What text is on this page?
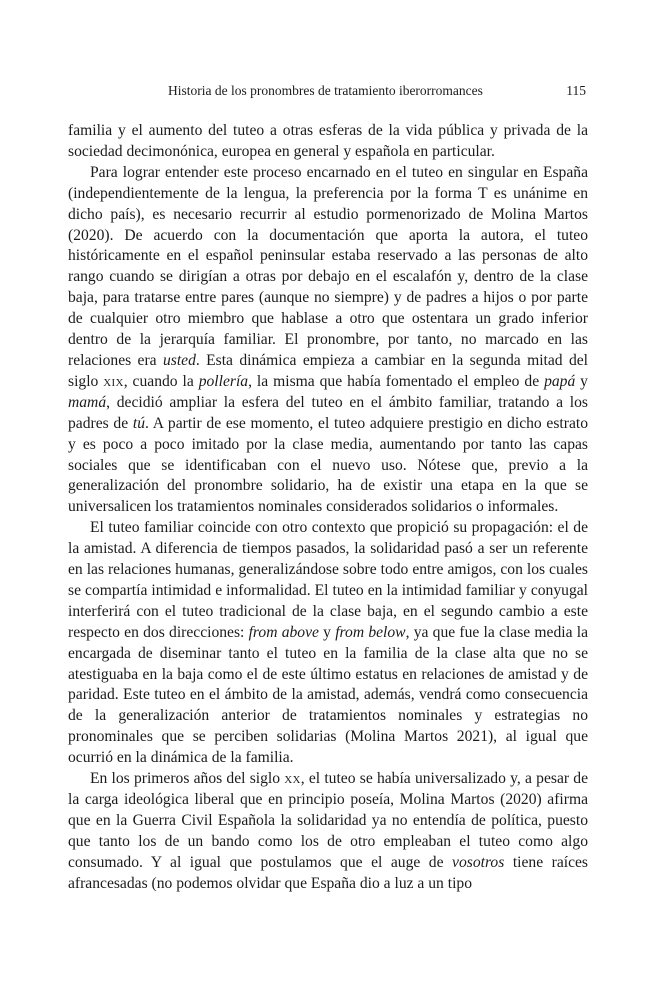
Historia de los pronombres de tratamiento iberorromances	115

familia y el aumento del tuteo a otras esferas de la vida pública y privada de la sociedad decimonónica, europea en general y española en particular.

Para lograr entender este proceso encarnado en el tuteo en singular en España (independientemente de la lengua, la preferencia por la forma T es unánime en dicho país), es necesario recurrir al estudio pormenorizado de Molina Martos (2020). De acuerdo con la documentación que aporta la autora, el tuteo históricamente en el español peninsular estaba reservado a las personas de alto rango cuando se dirigían a otras por debajo en el escalafón y, dentro de la clase baja, para tratarse entre pares (aunque no siempre) y de padres a hijos o por parte de cualquier otro miembro que hablase a otro que ostentara un grado inferior dentro de la jerarquía familiar. El pronombre, por tanto, no marcado en las relaciones era usted. Esta dinámica empieza a cambiar en la segunda mitad del siglo xix, cuando la pollería, la misma que había fomentado el empleo de papá y mamá, decidió ampliar la esfera del tuteo en el ámbito familiar, tratando a los padres de tú. A partir de ese momento, el tuteo adquiere prestigio en dicho estrato y es poco a poco imitado por la clase media, aumentando por tanto las capas sociales que se identificaban con el nuevo uso. Nótese que, previo a la generalización del pronombre solidario, ha de existir una etapa en la que se universalicen los tratamientos nominales considerados solidarios o informales.

El tuteo familiar coincide con otro contexto que propició su propagación: el de la amistad. A diferencia de tiempos pasados, la solidaridad pasó a ser un referente en las relaciones humanas, generalizándose sobre todo entre amigos, con los cuales se compartía intimidad e informalidad. El tuteo en la intimidad familiar y conyugal interferirá con el tuteo tradicional de la clase baja, en el segundo cambio a este respecto en dos direcciones: from above y from below, ya que fue la clase media la encargada de diseminar tanto el tuteo en la familia de la clase alta que no se atestiguaba en la baja como el de este último estatus en relaciones de amistad y de paridad. Este tuteo en el ámbito de la amistad, además, vendrá como consecuencia de la generalización anterior de tratamientos nominales y estrategias no pronominales que se perciben solidarias (Molina Martos 2021), al igual que ocurrió en la dinámica de la familia.

En los primeros años del siglo xx, el tuteo se había universalizado y, a pesar de la carga ideológica liberal que en principio poseía, Molina Martos (2020) afirma que en la Guerra Civil Española la solidaridad ya no entendía de política, puesto que tanto los de un bando como los de otro empleaban el tuteo como algo consumado. Y al igual que postulamos que el auge de vosotros tiene raíces afrancesadas (no podemos olvidar que España dio a luz a un tipo
